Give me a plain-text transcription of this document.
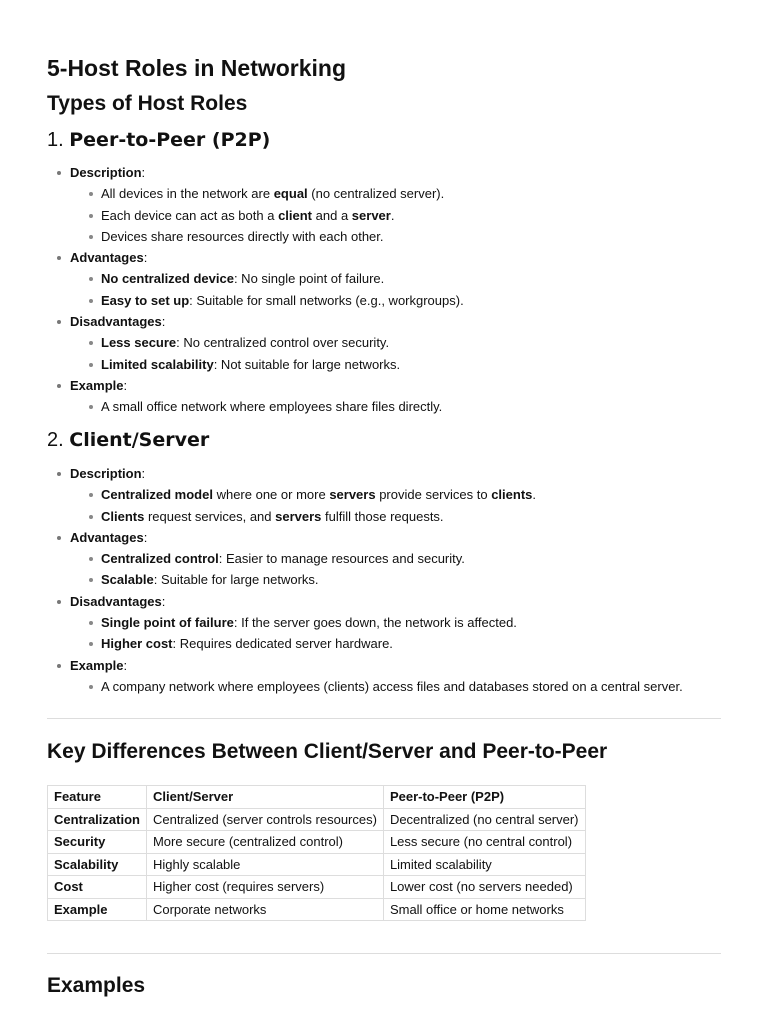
5-Host Roles in Networking
Types of Host Roles
1. Peer-to-Peer (P2P)
Description:
All devices in the network are equal (no centralized server).
Each device can act as both a client and a server.
Devices share resources directly with each other.
Advantages:
No centralized device: No single point of failure.
Easy to set up: Suitable for small networks (e.g., workgroups).
Disadvantages:
Less secure: No centralized control over security.
Limited scalability: Not suitable for large networks.
Example:
A small office network where employees share files directly.
2. Client/Server
Description:
Centralized model where one or more servers provide services to clients.
Clients request services, and servers fulfill those requests.
Advantages:
Centralized control: Easier to manage resources and security.
Scalable: Suitable for large networks.
Disadvantages:
Single point of failure: If the server goes down, the network is affected.
Higher cost: Requires dedicated server hardware.
Example:
A company network where employees (clients) access files and databases stored on a central server.
Key Differences Between Client/Server and Peer-to-Peer
Feature	Client/Server	Peer-to-Peer (P2P)
Centralization	Centralized (server controls resources)	Decentralized (no central server)
Security	More secure (centralized control)	Less secure (no central control)
Scalability	Highly scalable	Limited scalability
Cost	Higher cost (requires servers)	Lower cost (no servers needed)
Example	Corporate networks	Small office or home networks
Examples
